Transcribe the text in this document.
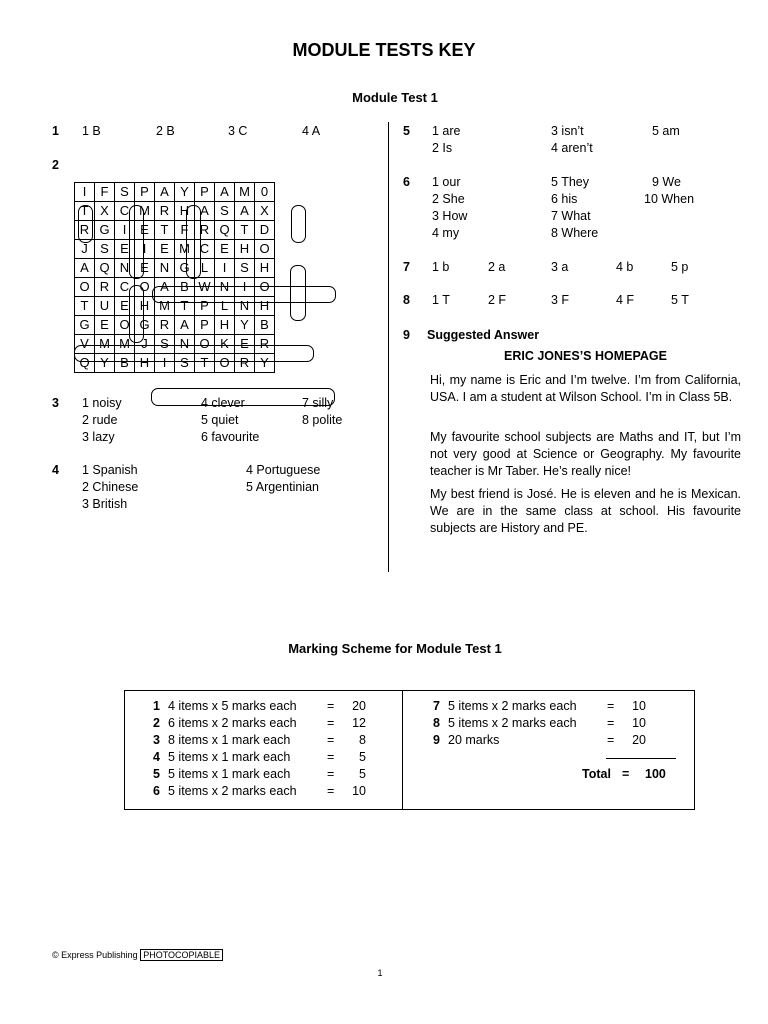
MODULE TESTS KEY
Module Test 1
1 1 B	2 B	3 C	4 A
2
I	F	S	P	A	Y	P	A	M	0
T	X	C	M	R	H	A	S	A	X
R	G	I	E	T	F	R	Q	T	D
J	S	E	I	E	M	C	E	H	O
A	Q	N	E	N	G	L	I	S	H
O	R	C	O	A	B	W	N	I	O
T	U	E	H	M	T	P	L	N	H
G	E	O	G	R	A	P	H	Y	B
V	M	M	J	S	N	O	K	E	R
Q	Y	B	H	I	S	T	O	R	Y
3 1 noisy
2 rude
3 lazy
4 clever
5 quiet
6 favourite
7 silly
8 polite
4 1 Spanish
2 Chinese
3 British
4 Portuguese
5 Argentinian
5 1 are
2 Is
3 isn’t
4 aren’t
5 am
6 1 our
2 She
3 How
4 my
5 They
6 his
7 What
8 Where
9 We
10 When
7 1 b	2 a	3 a	4 b	5 p
8 1 T	2 F	3 F	4 F	5 T
9 Suggested Answer
ERIC JONES’S HOMEPAGE
Hi, my name is Eric and I’m twelve. I’m from California, USA. I am a student at Wilson School. I’m in Class 5B.
My favourite school subjects are Maths and IT, but I’m not very good at Science or Geography. My favourite teacher is Mr Taber. He’s really nice!
My best friend is José. He is eleven and he is Mexican. We are in the same class at school. His favourite subjects are History and PE.
Marking Scheme for Module Test 1
1 4 items x 5 marks each	=	20
2 6 items x 2 marks each	=	12
3 8 items x 1 mark each	=	8
4 5 items x 1 mark each	=	5
5 5 items x 1 mark each	=	5
6 5 items x 2 marks each	=	10
7 5 items x 2 marks each	=	10
8 5 items x 2 marks each	=	10
9 20 marks	=	20
Total = 100
© Express Publishing PHOTOCOPIABLE
1
